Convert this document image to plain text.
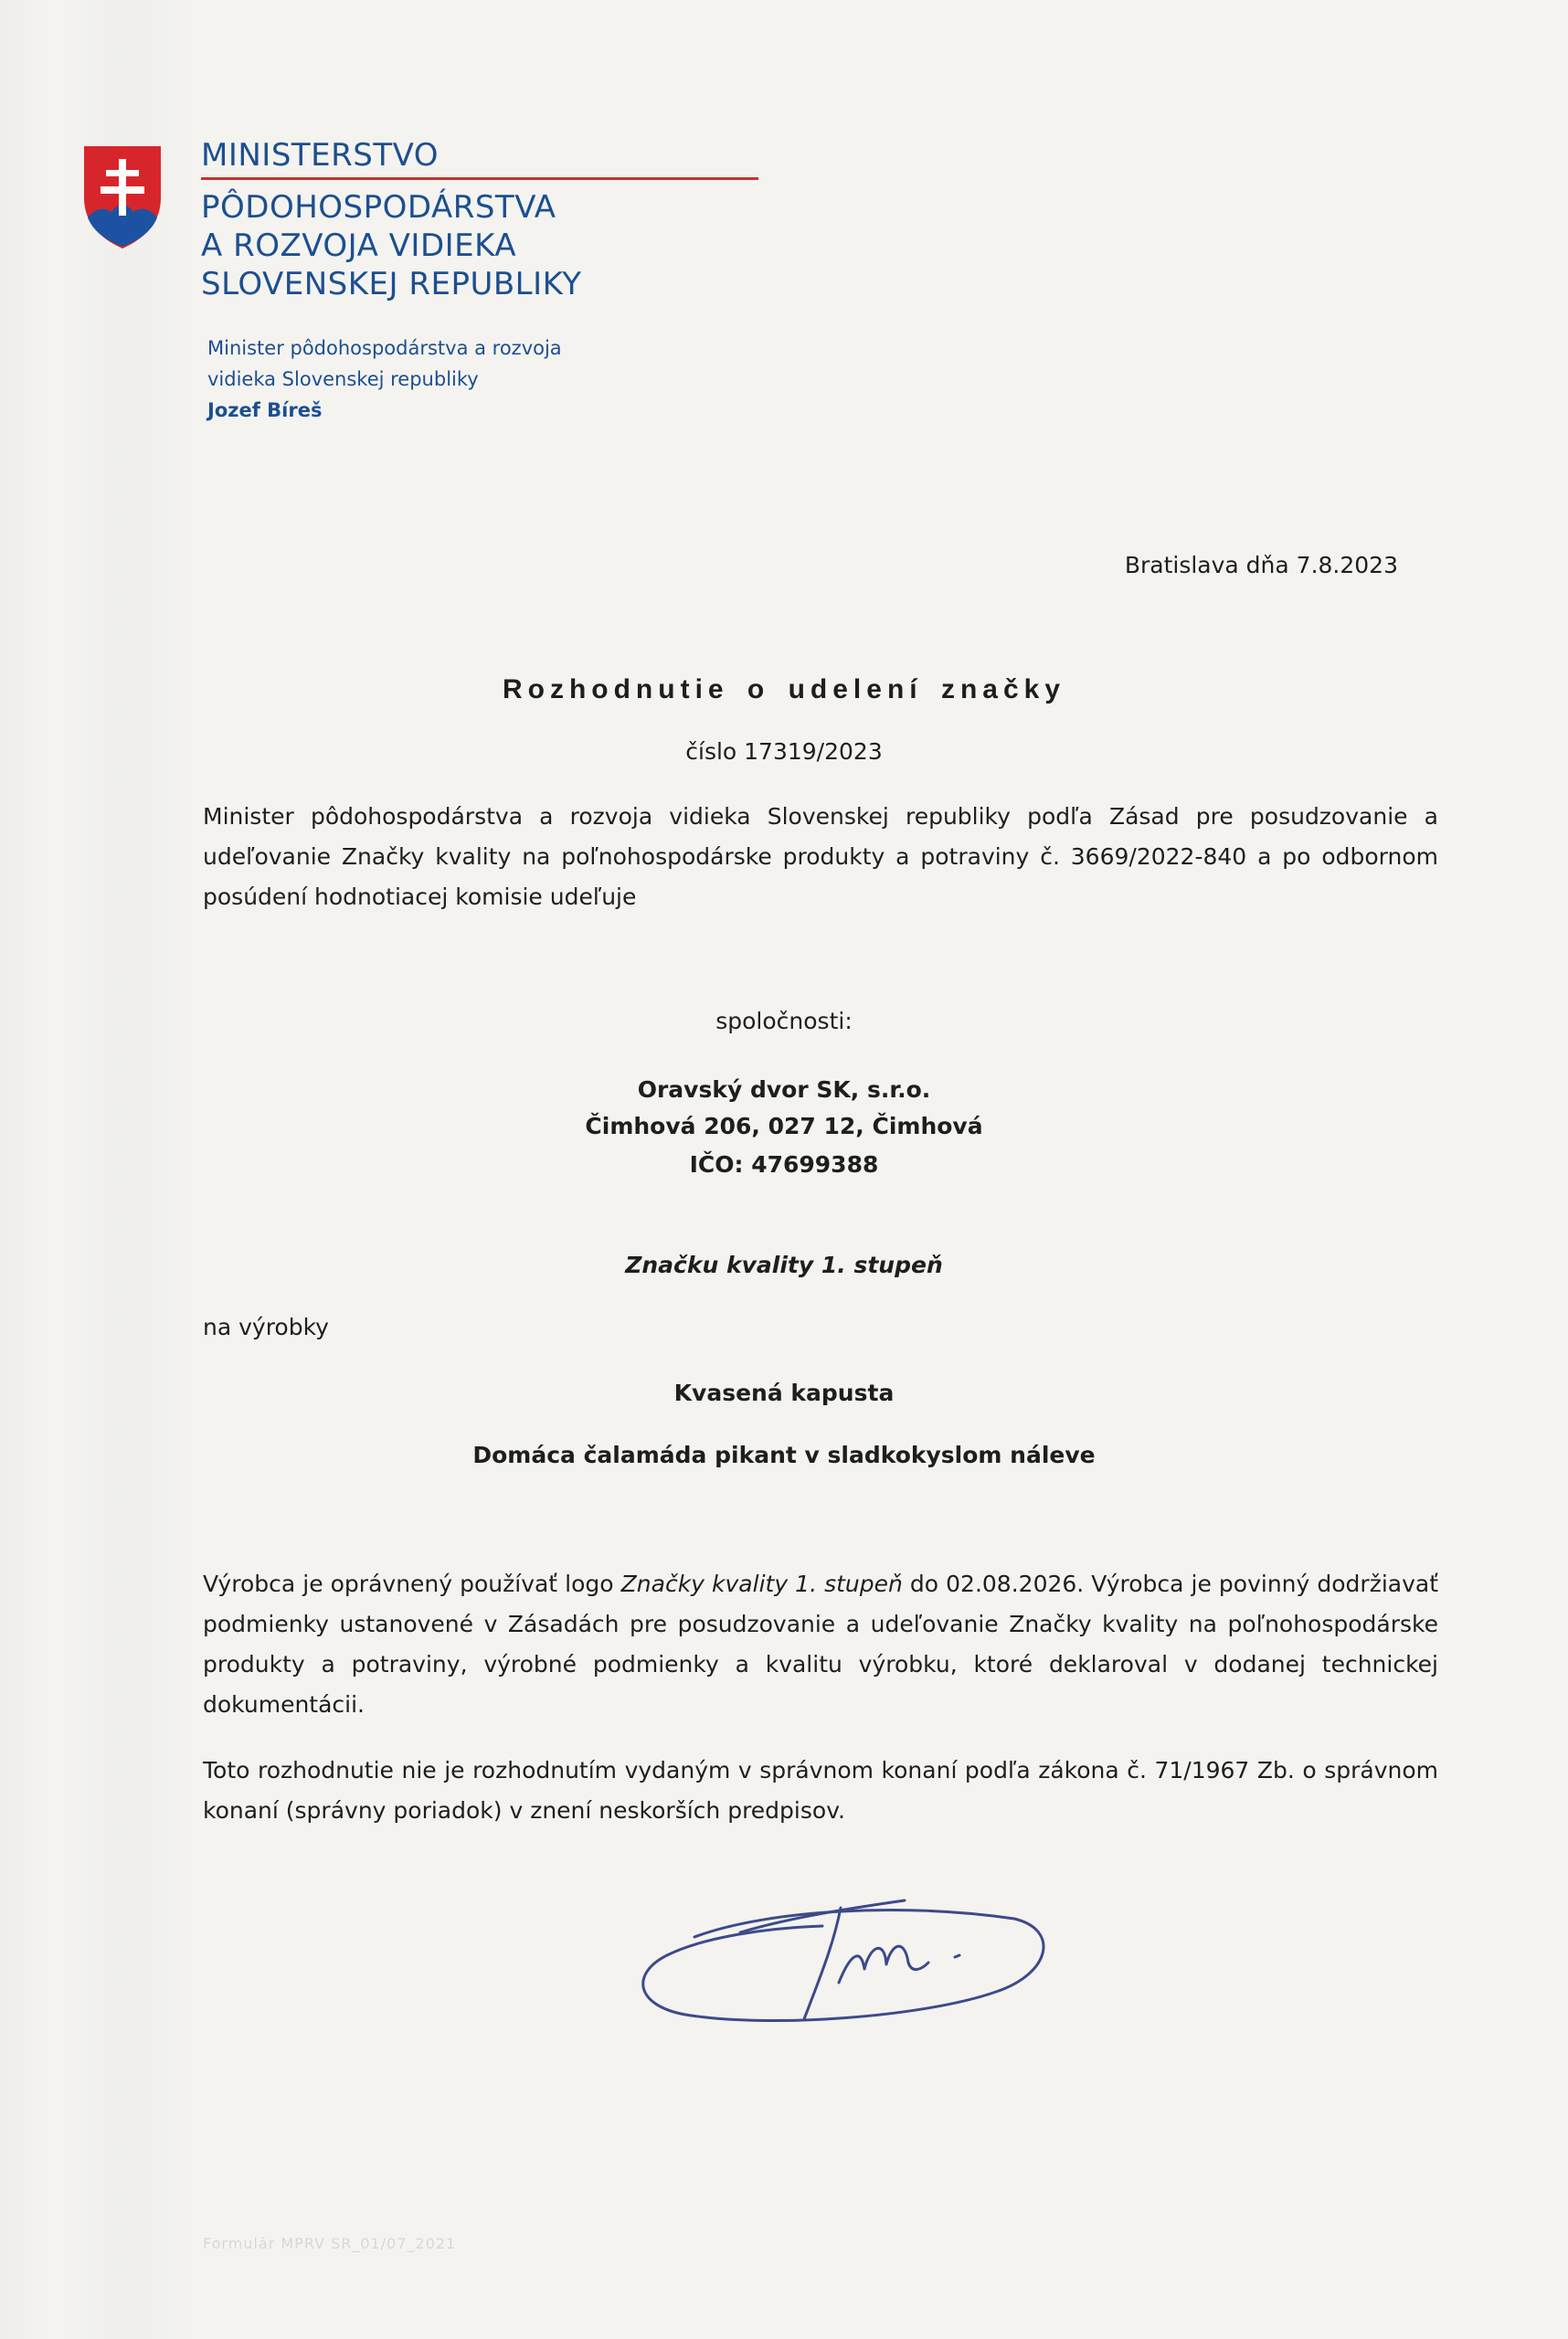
MINISTERSTVO
PÔDOHOSPODÁRSTVA
A ROZVOJA VIDIEKA
SLOVENSKEJ REPUBLIKY
Minister pôdohospodárstva a rozvoja
vidieka Slovenskej republiky
Jozef Bíreš
Bratislava dňa 7.8.2023
Rozhodnutie o udelení značky
číslo 17319/2023

Minister pôdohospodárstva a rozvoja vidieka Slovenskej republiky podľa Zásad pre posudzovanie a udeľovanie Značky kvality na poľnohospodárske produkty a potraviny č. 3669/2022-840 a po odbornom posúdení hodnotiacej komisie udeľuje

spoločnosti:
Oravský dvor SK, s.r.o.
Čimhová 206, 027 12, Čimhová
IČO: 47699388
Značku kvality 1. stupeň
na výrobky
Kvasená kapusta
Domáca čalamáda pikant v sladkokyslom náleve

Výrobca je oprávnený používať logo Značky kvality 1. stupeň do 02.08.2026. Výrobca je povinný dodržiavať podmienky ustanovené v Zásadách pre posudzovanie a udeľovanie Značky kvality na poľnohospodárske produkty a potraviny, výrobné podmienky a kvalitu výrobku, ktoré deklaroval v dodanej technickej dokumentácii.

Toto rozhodnutie nie je rozhodnutím vydaným v správnom konaní podľa zákona č. 71/1967 Zb. o správnom konaní (správny poriadok) v znení neskorších predpisov.

Formulár MPRV SR_01/07_2021
